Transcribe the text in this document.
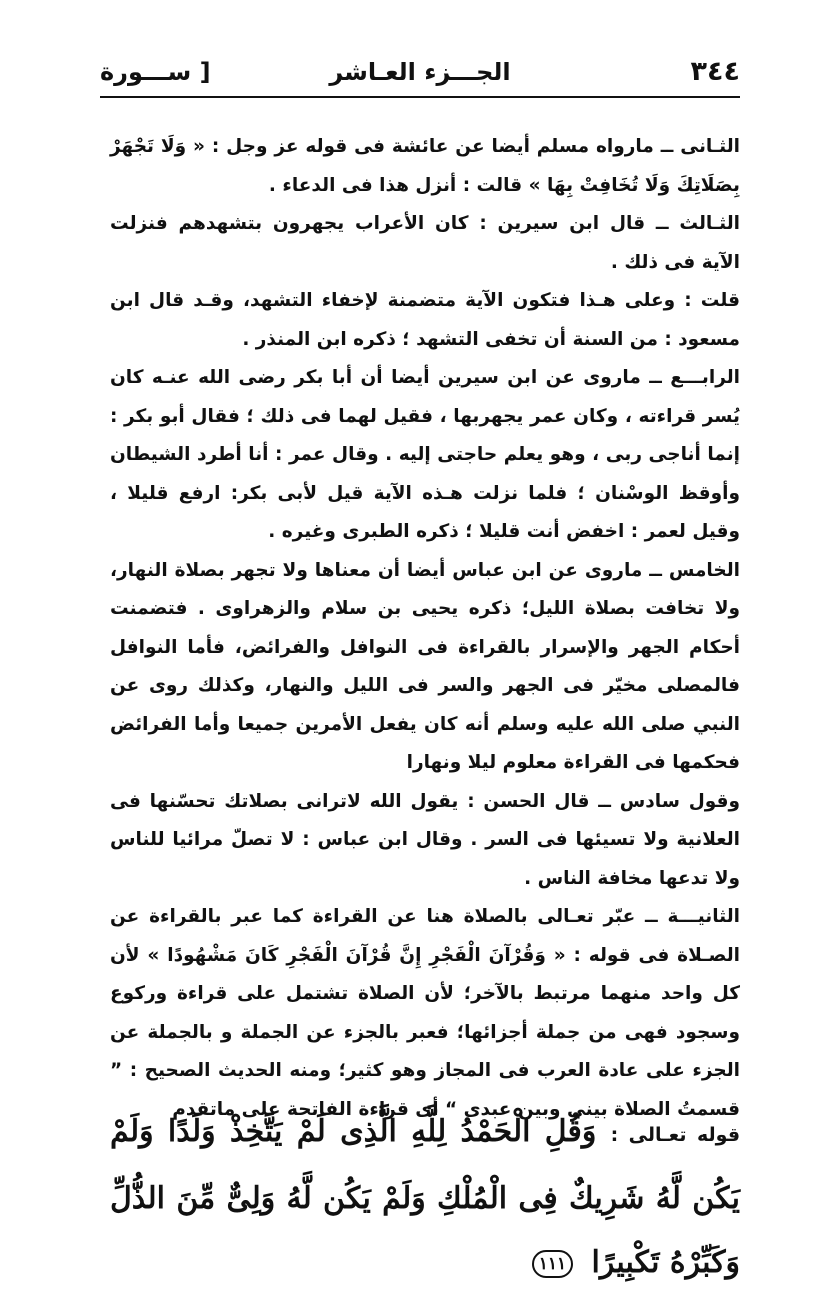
٣٤٤
الجـــزء العـاشر
[ ســـورة

الثـانى ــ مارواه مسلم أيضا عن عائشة فى قوله عز وجل : « وَلَا تَجْهَرْ بِصَلَاتِكَ وَلَا تُخَافِتْ بِهَا » قالت : أنزل هذا فى الدعاء .

الثـالث ــ قال ابن سيرين : كان الأعراب يجهرون بتشهدهم فنزلت الآية فى ذلك .

قلت : وعلى هـذا فتكون الآية متضمنة لإخفاء التشهد، وقـد قال ابن مسعود : من السنة أن تخفى التشهد ؛ ذكره ابن المنذر .

الرابـــع ــ ماروى عن ابن سيرين أيضا أن أبا بكر رضى الله عنـه كان يُسر قراءته ، وكان عمر يجهربها ، فقيل لهما فى ذلك ؛ فقال أبو بكر : إنما أناجى ربى ، وهو يعلم حاجتى إليه . وقال عمر : أنا أطرد الشيطان وأوقظ الوسْنان ؛ فلما نزلت هـذه الآية قيل لأبى بكر: ارفع قليلا ، وقيل لعمر : اخفض أنت قليلا ؛ ذكره الطبرى وغيره .

الخامس ــ ماروى عن ابن عباس أيضا أن معناها ولا تجهر بصلاة النهار، ولا تخافت بصلاة الليل؛ ذكره يحيى بن سلام والزهراوى . فتضمنت أحكام الجهر والإسرار بالقراءة فى النوافل والفرائض، فأما النوافل فالمصلى مخيّر فى الجهر والسر فى الليل والنهار، وكذلك روى عن النبي صلى الله عليه وسلم أنه كان يفعل الأمرين جميعا وأما الفرائض فحكمها فى القراءة معلوم ليلا ونهارا

وقول سادس ــ قال الحسن : يقول الله لاترانى بصلاتك تحسّنها فى العلانية ولا تسيئها فى السر . وقال ابن عباس : لا تصلّ مرائيا للناس ولا تدعها مخافة الناس .

الثانيـــة ــ عبّر تعـالى بالصلاة هنا عن القراءة كما عبر بالقراءة عن الصـلاة فى قوله : « وَقُرْآنَ الْفَجْرِ إِنَّ قُرْآنَ الْفَجْرِ كَانَ مَشْهُودًا » لأن كل واحد منهما مرتبط بالآخر؛ لأن الصلاة تشتمل على قراءة وركوع وسجود فهى من جملة أجزائها؛ فعبر بالجزء عن الجملة و بالجملة عن الجزء على عادة العرب فى المجاز وهو كثير؛ ومنه الحديث الصحيح : ” قسمتُ الصلاة بينى وبين عبدى “ أى قراءة الفاتحة على ماتقدم

قوله تعـالى : وَقُلِ الْحَمْدُ لِلَّهِ الَّذِى لَمْ يَتَّخِذْ وَلَدًا وَلَمْ يَكُن لَّهُ شَرِيكٌ فِى الْمُلْكِ وَلَمْ يَكُن لَّهُ وَلِىٌّ مِّنَ الذُّلِّ وَكَبِّرْهُ تَكْبِيرًا ١١١
